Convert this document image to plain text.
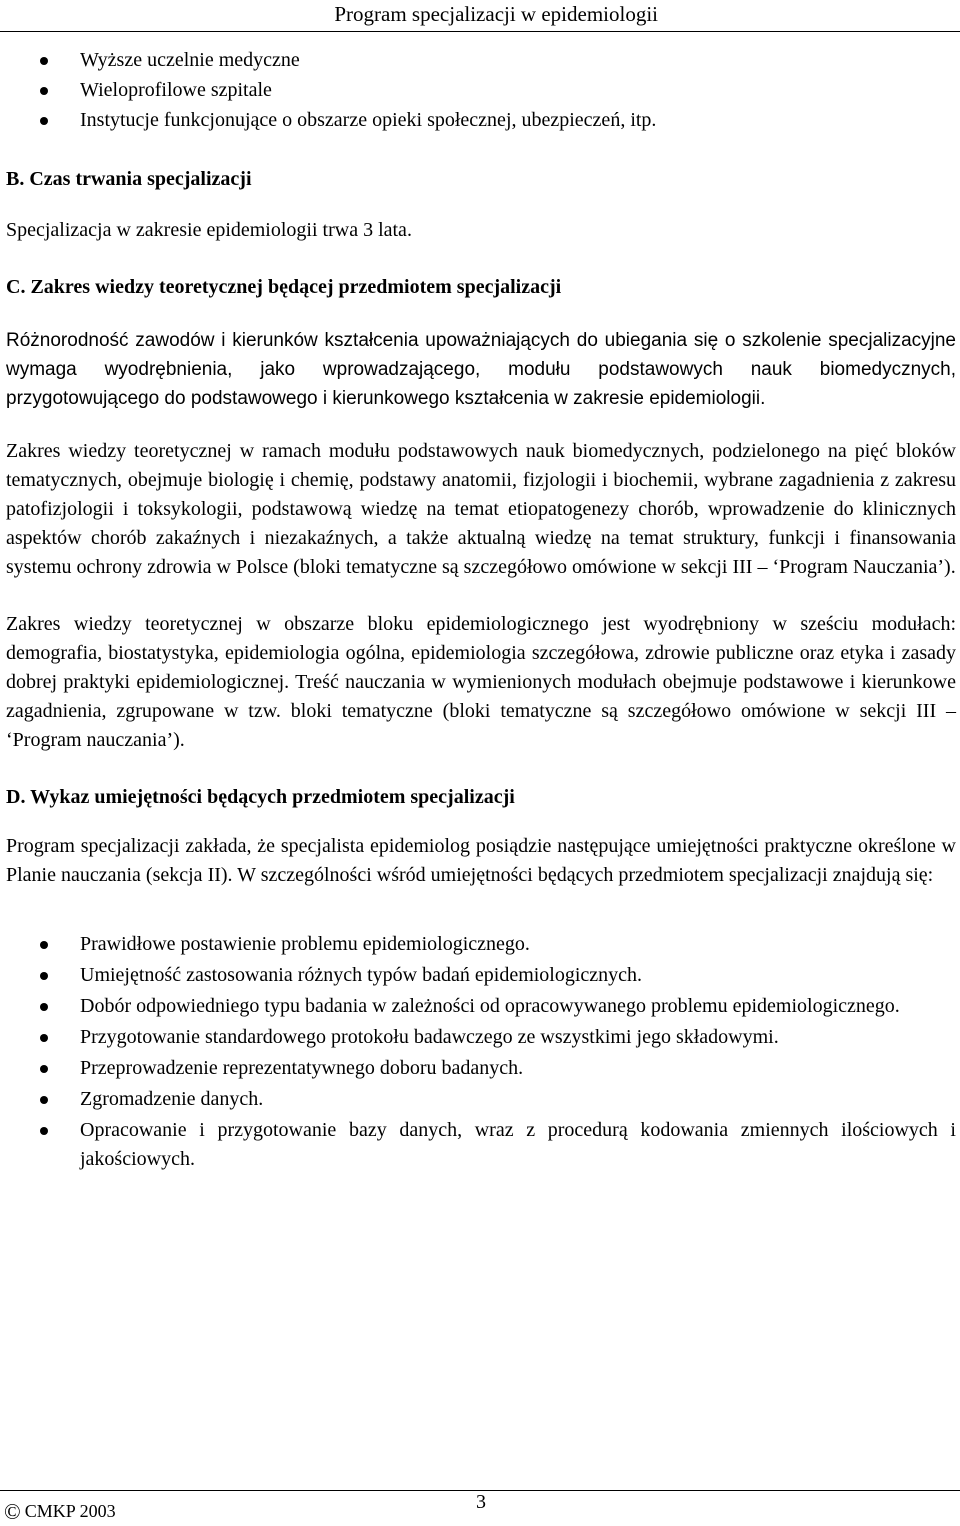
Program specjalizacji w epidemiologii
Wyższe uczelnie medyczne
Wieloprofilowe szpitale
Instytucje funkcjonujące o obszarze opieki społecznej, ubezpieczeń, itp.

B. Czas trwania specjalizacji

Specjalizacja w zakresie epidemiologii trwa 3 lata.

C. Zakres wiedzy teoretycznej będącej przedmiotem specjalizacji

Różnorodność zawodów i kierunków kształcenia upoważniających do ubiegania się o szkolenie specjalizacyjne wymaga wyodrębnienia, jako wprowadzającego, modułu podstawowych nauk biomedycznych, przygotowującego do podstawowego i kierunkowego kształcenia w zakresie epidemiologii.

Zakres wiedzy teoretycznej w ramach modułu podstawowych nauk biomedycznych, podzielonego na pięć bloków tematycznych, obejmuje biologię i chemię, podstawy anatomii, fizjologii i biochemii, wybrane zagadnienia z zakresu patofizjologii i toksykologii, podstawową wiedzę na temat etiopatogenezy chorób, wprowadzenie do klinicznych aspektów chorób zakaźnych i niezakaźnych, a także aktualną wiedzę na temat struktury, funkcji i finansowania systemu ochrony zdrowia w Polsce (bloki tematyczne są szczegółowo omówione w sekcji III – ‘Program Nauczania’).

Zakres wiedzy teoretycznej w obszarze bloku epidemiologicznego jest wyodrębniony w sześciu modułach: demografia, biostatystyka, epidemiologia ogólna, epidemiologia szczegółowa, zdrowie publiczne oraz etyka i zasady dobrej praktyki epidemiologicznej. Treść nauczania w wymienionych modułach obejmuje podstawowe i kierunkowe zagadnienia, zgrupowane w tzw. bloki tematyczne (bloki tematyczne są szczegółowo omówione w sekcji III – ‘Program nauczania’).

D. Wykaz umiejętności będących przedmiotem specjalizacji

Program specjalizacji zakłada, że specjalista epidemiolog posiądzie następujące umiejętności praktyczne określone w Planie nauczania (sekcja II). W szczególności wśród umiejętności będących przedmiotem specjalizacji znajdują się:

Prawidłowe postawienie problemu epidemiologicznego.
Umiejętność zastosowania różnych typów badań epidemiologicznych.
Dobór odpowiedniego typu badania w zależności od opracowywanego problemu epidemiologicznego.
Przygotowanie standardowego protokołu badawczego ze wszystkimi jego składowymi.
Przeprowadzenie reprezentatywnego doboru badanych.
Zgromadzenie danych.
Opracowanie i przygotowanie bazy danych, wraz z procedurą kodowania zmiennych ilościowych i jakościowych.
© CMKP 2003	3
